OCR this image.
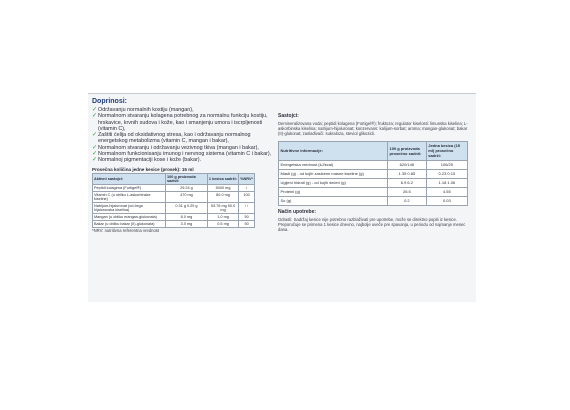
Doprinosi:
✓ Održavanju normalnih kostiju (mangan),
✓ Normalnom stvaranju kolagena potrebnog za normalnu funkciju kostiju, hrskavice, krvnih sudova i kože, kao i smanjenju umora i iscrpljenosti (vitamin C),
✓ Zaštiti ćelija od oksidativnog stresa, kao i održavanju normalnog energetskog metabolizma (vitamin C, mangan i bakar),
✓ Normalnom stvaranju i održavanju vezivnog tkiva (mangan i bakar),
✓ Normalnom funkcionisanju imunog i nervnog sistema (vitamin C i bakar),
✓ Normalnoj pigmentaciji kose i kože (bakar).
Prosečna količina jednе kesice (prosek): 15 ml
Aktivni sastojci:	100 g proizvoda sadrži:	1 kesica sadrži:	%NRV*
Peptidi kolagena (Fortigel®)	29.24 g	5000 mg	/
Vitamin C (u obliku L-askorbinske kiseline)	470 mg	80.0 mg	100
Natrijum-hijaluronat (od čega hijaluronska kiselina)	0.31 g 0.29 g	53.76 mg 50.0 mg	/ /
Mangan (u obliku mangan-glukonata)	8.0 mg	1.0 mg	50
Bakar (u obliku bakar (II)-glukonata)	3.0 mg	0.5 mg	50
*NRV: nutritivna referentna vrednost
Sastojci:
Demineralizovana voda; peptidi kolagena (Fortigel®); fruktoza; regulator kiselosti: limunska kiselina; L-askorbinska kiselina; natrijum-hijaluronat; konzervans: kalijum-sorbat; aroma; mangan-glukonat; bakar (II)-glukonat; zaslađivači: sukraloza, steviol glikozidi.
Nutritivne informacije:	100 g proizvoda prosečno sadrži:	Jedna kesica (15 ml) prosečno sadrži:
Energetska vrednost (kJ/kcal)	620/146	106/25
Masti (g) - od kojih zasićene masne kiseline (g)	1.35 0.85	0.23 0.15
Ugljeni hidrati (g) - od kojih šećeri (g)	6.9 6.2	1.18 1.06
Proteini (g)	26.5	4.55
So (g)	0.2	0.03
Način upotrebe:
Odrasli: Sadržaj kesice nije potrebno razblaživati pre upotrebe, može se direktno popiti iz kesice.
Preporučuje se primena 1 kesice dnevno, najbolje uveče pre spavanja, u periodu od najmanje mesec dana.
